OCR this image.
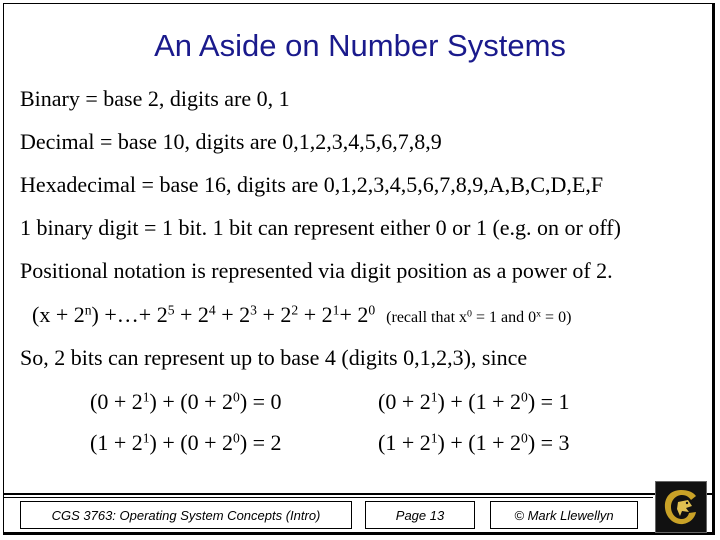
An Aside on Number Systems
Binary = base 2, digits are 0, 1
Decimal = base 10, digits are 0,1,2,3,4,5,6,7,8,9
Hexadecimal = base 16, digits are 0,1,2,3,4,5,6,7,8,9,A,B,C,D,E,F
1 binary digit = 1 bit. 1 bit can represent either 0 or 1 (e.g. on or off)
Positional notation is represented via digit position as a power of 2.
$(x + 2^n)$ +…+ $2^5 + 2^4 + 2^3 + 2^2 + 2^1+ 2^0$ (recall that $x^0 = 1$ and $0^x = 0$)
So, 2 bits can represent up to base 4 (digits 0,1,2,3), since
$(0 + 2^1) + (0 + 2^0) = 0$	$(0 + 2^1) + (1 + 2^0) = 1$
$(1 + 2^1) + (0 + 2^0) = 2$	$(1 + 2^1) + (1 + 2^0) = 3$
CGS 3763: Operating System Concepts (Intro)	Page 13	© Mark Llewellyn
